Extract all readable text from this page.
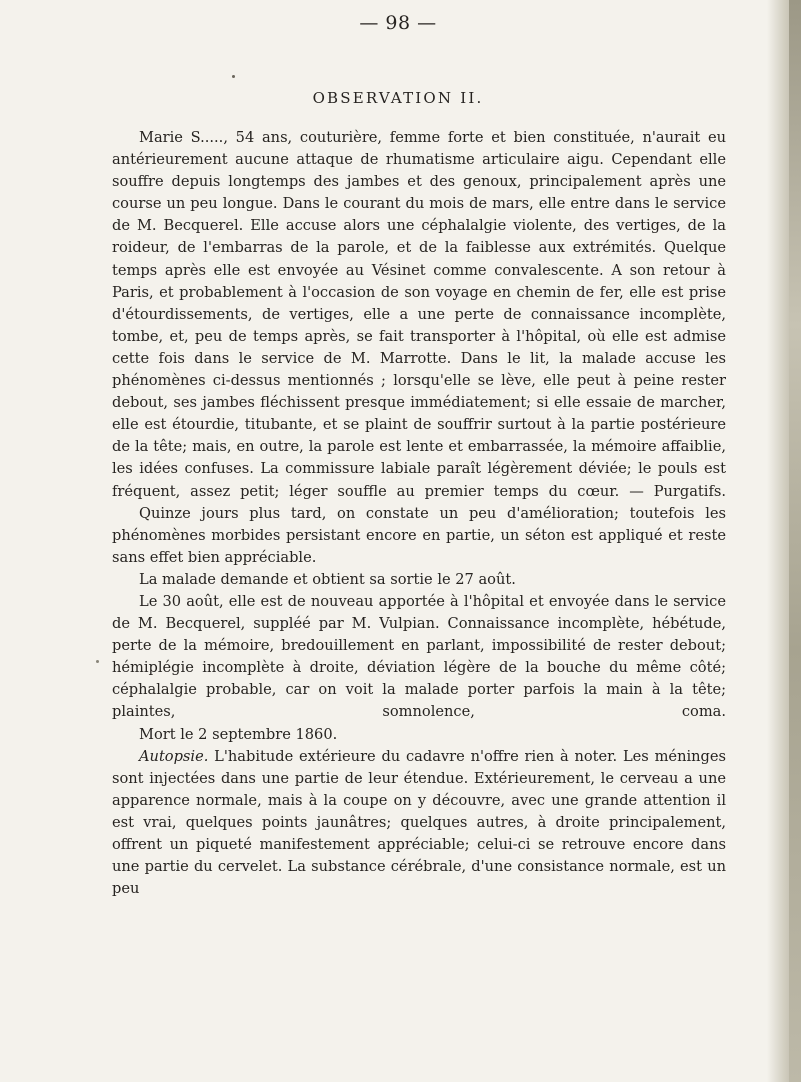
— 98 —
OBSERVATION II.

Marie S....., 54 ans, couturière, femme forte et bien constituée, n'aurait eu antérieurement aucune attaque de rhumatisme articulaire aigu. Cependant elle souffre depuis longtemps des jambes et des genoux, principalement après une course un peu longue. Dans le courant du mois de mars, elle entre dans le service de M. Becquerel. Elle accuse alors une céphalalgie violente, des vertiges, de la roideur, de l'embarras de la parole, et de la faiblesse aux extrémités. Quelque temps après elle est envoyée au Vésinet comme convalescente. A son retour à Paris, et probablement à l'occasion de son voyage en chemin de fer, elle est prise d'étourdissements, de vertiges, elle a une perte de connaissance incomplète, tombe, et, peu de temps après, se fait transporter à l'hôpital, où elle est admise cette fois dans le service de M. Marrotte. Dans le lit, la malade accuse les phénomènes ci-dessus mentionnés ; lorsqu'elle se lève, elle peut à peine rester debout, ses jambes fléchissent presque immédiatement; si elle essaie de marcher, elle est étourdie, titubante, et se plaint de souffrir surtout à la partie postérieure de la tête; mais, en outre, la parole est lente et embarrassée, la mémoire affaiblie, les idées confuses. La commissure labiale paraît légèrement déviée; le pouls est fréquent, assez petit; léger souffle au premier temps du cœur. — Purgatifs.

Quinze jours plus tard, on constate un peu d'amélioration; toutefois les phénomènes morbides persistant encore en partie, un séton est appliqué et reste sans effet bien appréciable.

La malade demande et obtient sa sortie le 27 août.

Le 30 août, elle est de nouveau apportée à l'hôpital et envoyée dans le service de M. Becquerel, suppléé par M. Vulpian. Connaissance incomplète, hébétude, perte de la mémoire, bredouillement en parlant, impossibilité de rester debout; hémiplégie incomplète à droite, déviation légère de la bouche du même côté; céphalalgie probable, car on voit la malade porter parfois la main à la tête; plaintes, somnolence, coma.

Mort le 2 septembre 1860.

Autopsie. L'habitude extérieure du cadavre n'offre rien à noter. Les méninges sont injectées dans une partie de leur étendue. Extérieurement, le cerveau a une apparence normale, mais à la coupe on y découvre, avec une grande attention il est vrai, quelques points jaunâtres; quelques autres, à droite principalement, offrent un piqueté manifestement appréciable; celui-ci se retrouve encore dans une partie du cervelet. La substance cérébrale, d'une consistance normale, est un peu
